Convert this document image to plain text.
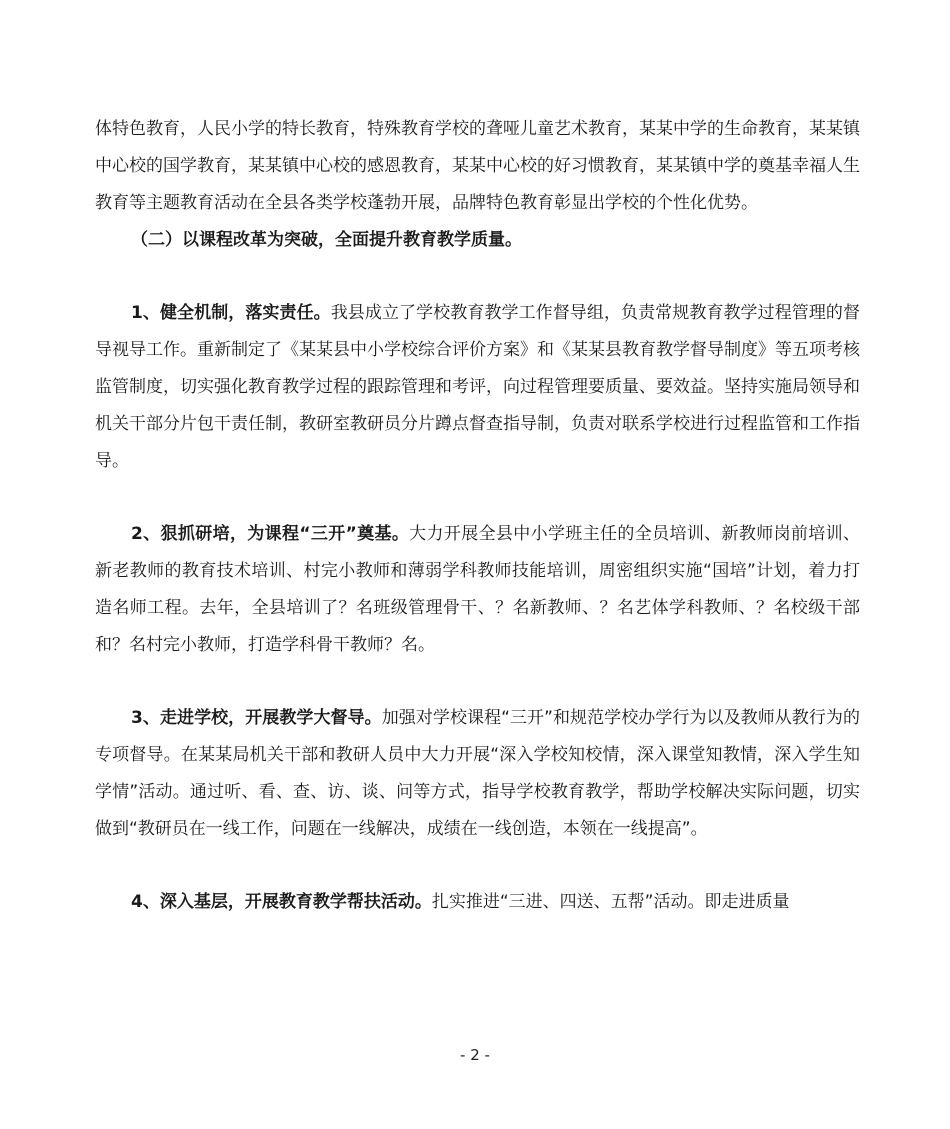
体特色教育，人民小学的特长教育，特殊教育学校的聋哑儿童艺术教育，某某中学的生命教育，某某镇中心校的国学教育，某某镇中心校的感恩教育，某某中心校的好习惯教育，某某镇中学的奠基幸福人生教育等主题教育活动在全县各类学校蓬勃开展，品牌特色教育彰显出学校的个性化优势。

（二）以课程改革为突破，全面提升教育教学质量。

1、健全机制，落实责任。我县成立了学校教育教学工作督导组，负责常规教育教学过程管理的督导视导工作。重新制定了《某某县中小学校综合评价方案》和《某某县教育教学督导制度》等五项考核监管制度，切实强化教育教学过程的跟踪管理和考评，向过程管理要质量、要效益。坚持实施局领导和机关干部分片包干责任制，教研室教研员分片蹲点督查指导制，负责对联系学校进行过程监管和工作指导。

2、狠抓研培，为课程“三开”奠基。大力开展全县中小学班主任的全员培训、新教师岗前培训、新老教师的教育技术培训、村完小教师和薄弱学科教师技能培训，周密组织实施“国培”计划，着力打造名师工程。去年，全县培训了？名班级管理骨干、？名新教师、？名艺体学科教师、？名校级干部和？名村完小教师，打造学科骨干教师？名。

3、走进学校，开展教学大督导。加强对学校课程“三开”和规范学校办学行为以及教师从教行为的专项督导。在某某局机关干部和教研人员中大力开展“深入学校知校情，深入课堂知教情，深入学生知学情”活动。通过听、看、查、访、谈、问等方式，指导学校教育教学，帮助学校解决实际问题，切实做到“教研员在一线工作，问题在一线解决，成绩在一线创造，本领在一线提高”。

4、深入基层，开展教育教学帮扶活动。扎实推进“三进、四送、五帮”活动。即走进质量

- 2 -
